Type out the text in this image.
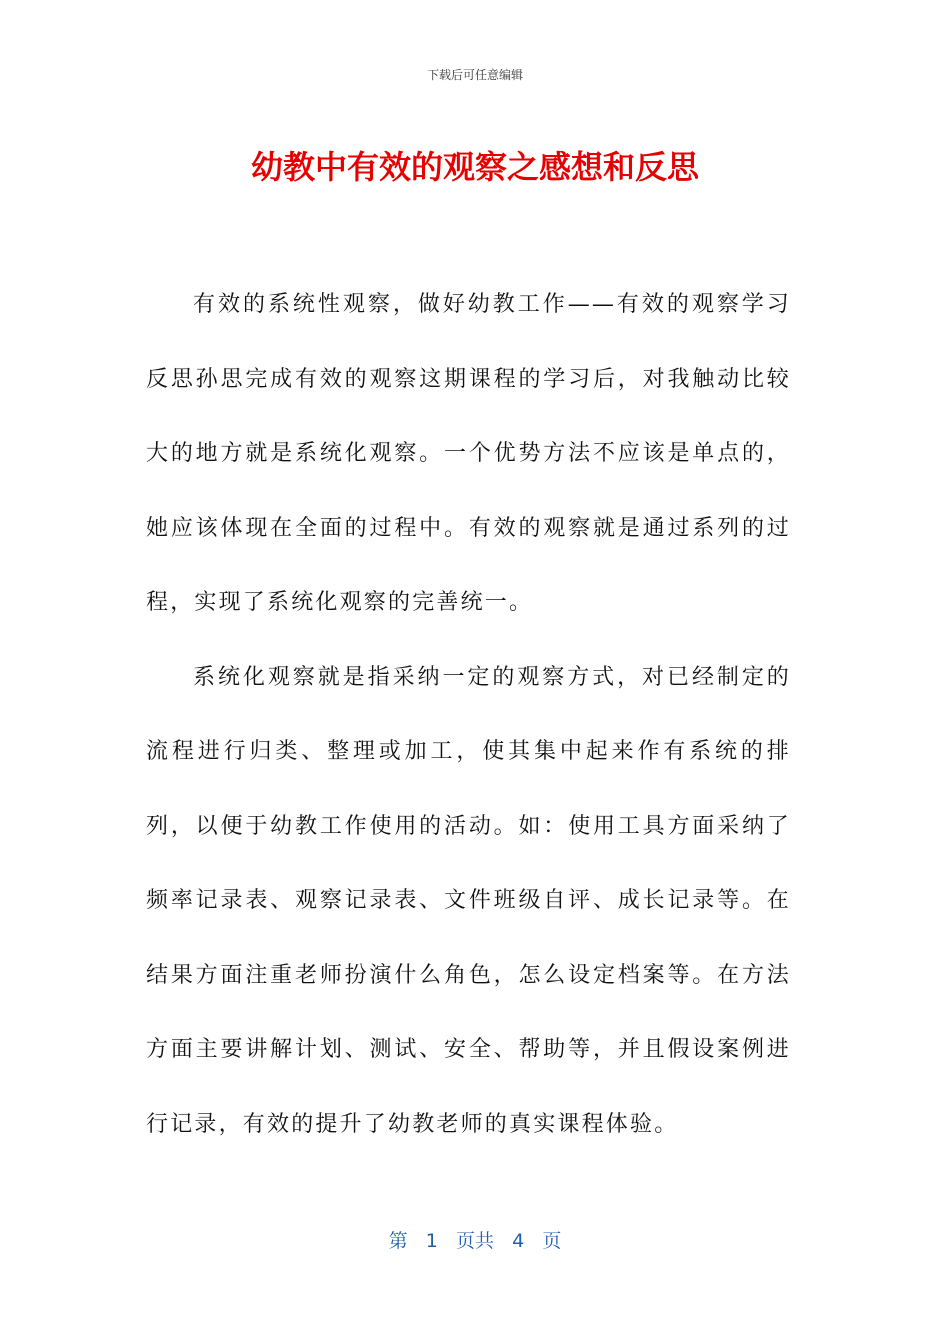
下载后可任意编辑
幼教中有效的观察之感想和反思

有效的系统性观察，做好幼教工作——有效的观察学习反思孙思完成有效的观察这期课程的学习后，对我触动比较大的地方就是系统化观察。一个优势方法不应该是单点的，她应该体现在全面的过程中。有效的观察就是通过系列的过程，实现了系统化观察的完善统一。

系统化观察就是指采纳一定的观察方式，对已经制定的流程进行归类、整理或加工，使其集中起来作有系统的排列，以便于幼教工作使用的活动。如：使用工具方面采纳了频率记录表、观察记录表、文件班级自评、成长记录等。在结果方面注重老师扮演什么角色，怎么设定档案等。在方法方面主要讲解计划、测试、安全、帮助等，并且假设案例进行记录，有效的提升了幼教老师的真实课程体验。

第 1 页共 4 页
